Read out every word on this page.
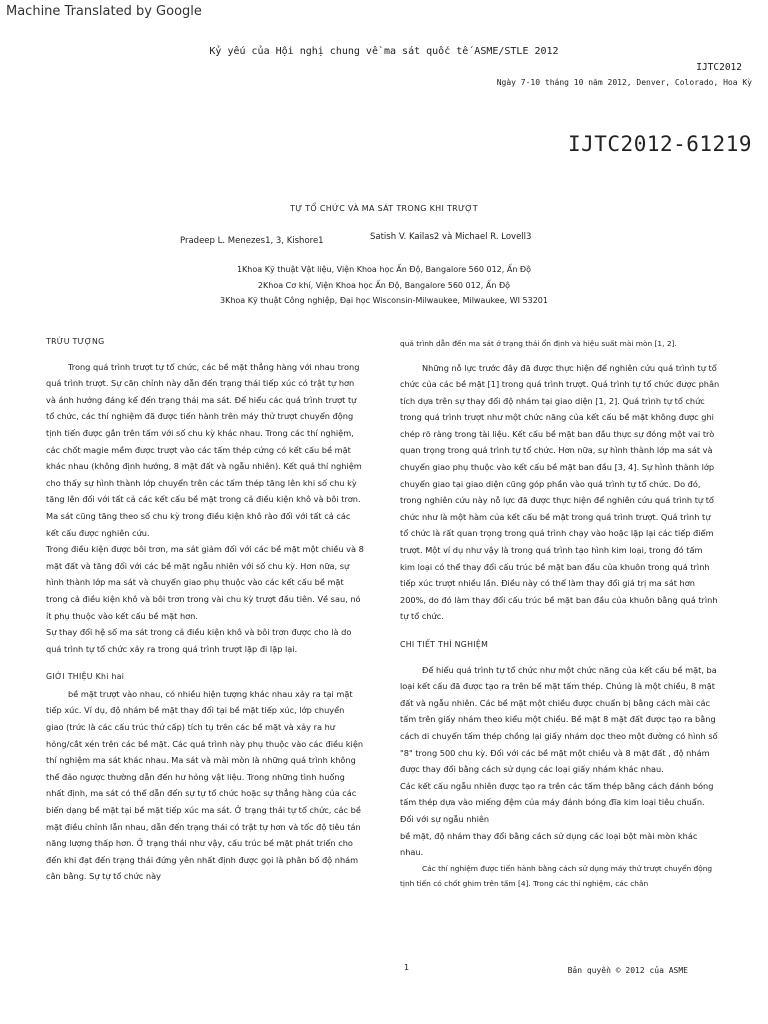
Machine Translated by Google
Kỷ yếu của Hội nghị chung về ma sát quốc tế ASME/STLE 2012
IJTC2012
Ngày 7-10 tháng 10 năm 2012, Denver, Colorado, Hoa Kỳ
IJTC2012-61219
TỰ TỔ CHỨC VÀ MA SÁT TRONG KHI TRƯỢT
Pradeep L. Menezes1, 3, Kishore1	Satish V. Kailas2 và Michael R. Lovell3
1Khoa Kỹ thuật Vật liệu, Viện Khoa học Ấn Độ, Bangalore 560 012, Ấn Độ
2Khoa Cơ khí, Viện Khoa học Ấn Độ, Bangalore 560 012, Ấn Độ
3Khoa Kỹ thuật Công nghiệp, Đại học Wisconsin-Milwaukee, Milwaukee, WI 53201

TRỪU TƯỢNG

Trong quá trình trượt tự tổ chức, các bề mặt thẳng hàng với nhau trong quá trình trượt. Sự căn chỉnh này dẫn đến trạng thái tiếp xúc có trật tự hơn và ánh hưởng đáng kể đến trạng thái ma sát. Để hiểu các quá trình trượt tự tổ chức, các thí nghiệm đã được tiến hành trên máy thử trượt chuyển động tịnh tiến được gắn trên tấm với số chu kỳ khác nhau. Trong các thí nghiệm, các chốt magie mềm được trượt vào các tấm thép cứng có kết cấu bề mặt khác nhau (không định hướng, 8 mặt đất và ngẫu nhiên). Kết quả thí nghiệm cho thấy sự hình thành lớp chuyển trên các tấm thép tăng lên khi số chu kỳ tăng lên đối với tất cả các kết cấu bề mặt trong cả điều kiện khô và bôi trơn. Ma sát cũng tăng theo số chu kỳ trong điều kiện khô rào đối với tất cả các kết cấu được nghiên cứu.

Trong điều kiện được bôi trơn, ma sát giảm đối với các bề mặt một chiều và 8 mặt đất và tăng đối với các bề mặt ngẫu nhiên với số chu kỳ. Hơn nữa, sự hình thành lớp ma sát và chuyển giao phụ thuộc vào các kết cấu bề mặt trong cả điều kiện khô và bôi trơn trong vài chu kỳ trượt đầu tiên. Về sau, nó ít phụ thuộc vào kết cấu bề mặt hơn.

Sự thay đổi hệ số ma sát trong cả điều kiện khô và bôi trơn được cho là do quá trình tự tổ chức xảy ra trong quá trình trượt lặp đi lặp lại.

GIỚI THIỆU Khi hai

bề mặt trượt vào nhau, có nhiều hiện tượng khác nhau xảy ra tại mặt tiếp xúc. Ví dụ, độ nhám bề mặt thay đổi tại bề mặt tiếp xúc, lớp chuyển giao (trức là các cấu trúc thứ cấp) tích tụ trên các bề mặt và xảy ra hư hỏng/cắt xén trên các bề mặt. Các quá trình này phụ thuộc vào các điều kiện thí nghiệm ma sát khác nhau. Ma sát và mài mòn là những quá trình không thể đảo ngược thường dẫn đến hư hỏng vật liệu. Trong những tình huống nhất định, ma sát có thể dẫn đến sự tự tổ chức hoặc sự thẳng hàng của các biến dạng bề mặt tại bề mặt tiếp xúc ma sát. Ở trạng thái tự tổ chức, các bề mặt điều chỉnh lẫn nhau, dẫn đến trạng thái có trật tự hơn và tốc độ tiêu tán năng lượng thấp hơn. Ở trạng thái như vậy, cấu trúc bề mặt phát triển cho đến khi đạt đến trạng thái đứng yên nhất định được gọi là phân bố độ nhám cân bằng. Sự tự tổ chức này

quá trình dẫn đến ma sát ở trạng thái ổn định và hiệu suất mài mòn [1, 2].

Những nỗ lực trước đây đã được thực hiện để nghiên cứu quá trình tự tổ chức của các bề mặt [1] trong quá trình trượt. Quá trình tự tổ chức được phân tích dựa trên sự thay đổi độ nhám tại giao diện [1, 2]. Quá trình tự tổ chức trong quá trình trượt như một chức năng của kết cấu bề mặt không được ghi chép rõ ràng trong tài liệu. Kết cấu bề mặt ban đầu thực sự đóng một vai trò quan trọng trong quá trình tự tổ chức. Hơn nữa, sự hình thành lớp ma sát và chuyển giao phụ thuộc vào kết cấu bề mặt ban đầu [3, 4]. Sự hình thành lớp chuyển giao tại giao diện cũng góp phần vào quá trình tự tổ chức. Do đó, trong nghiên cứu này nỗ lực đã được thực hiện để nghiên cứu quá trình tự tổ chức như là một hàm của kết cấu bề mặt trong quá trình trượt. Quá trình tự tổ chức là rất quan trọng trong quá trình chạy vào hoặc lặp lại các tiếp điểm trượt. Một ví dụ như vậy là trong quá trình tạo hình kim loại, trong đó tấm kim loại có thể thay đổi cấu trúc bề mặt ban đầu của khuôn trong quá trình tiếp xúc trượt nhiều lần. Điều này có thể làm thay đổi giá trị ma sát hơn 200%, do đó làm thay đổi cấu trúc bề mặt ban đầu của khuôn bằng quá trình tự tổ chức.

CHI TIẾT THÍ NGHIỆM

Để hiểu quá trình tự tổ chức như một chức năng của kết cấu bề mặt, ba loại kết cấu đã được tạo ra trên bề mặt tấm thép. Chúng là một chiều, 8 mặt đất và ngẫu nhiên. Các bề mặt một chiều được chuẩn bị bằng cách mài các tấm trên giấy nhám theo kiểu một chiều. Bề mặt 8 mặt đất được tạo ra bằng cách di chuyển tấm thép chồng lại giấy nhám dọc theo một đường có hình số "8" trong 500 chu kỳ. Đối với các bề mặt một chiều và 8 mặt đất , độ nhám được thay đổi bằng cách sử dụng các loại giấy nhám khác nhau.

Các kết cấu ngẫu nhiên được tạo ra trên các tấm thép bằng cách đánh bóng tấm thép dựa vào miếng đệm của máy đánh bóng đĩa kim loại tiêu chuẩn. Đối với sự ngẫu nhiên

bề mặt, độ nhám thay đổi bằng cách sử dụng các loại bột mài mòn khác nhau.

Các thí nghiệm được tiến hành bằng cách sử dụng máy thử trượt chuyển động tịnh tiến có chốt ghim trên tấm [4]. Trong các thí nghiệm, các chân

1	Bản quyền © 2012 của ASME
